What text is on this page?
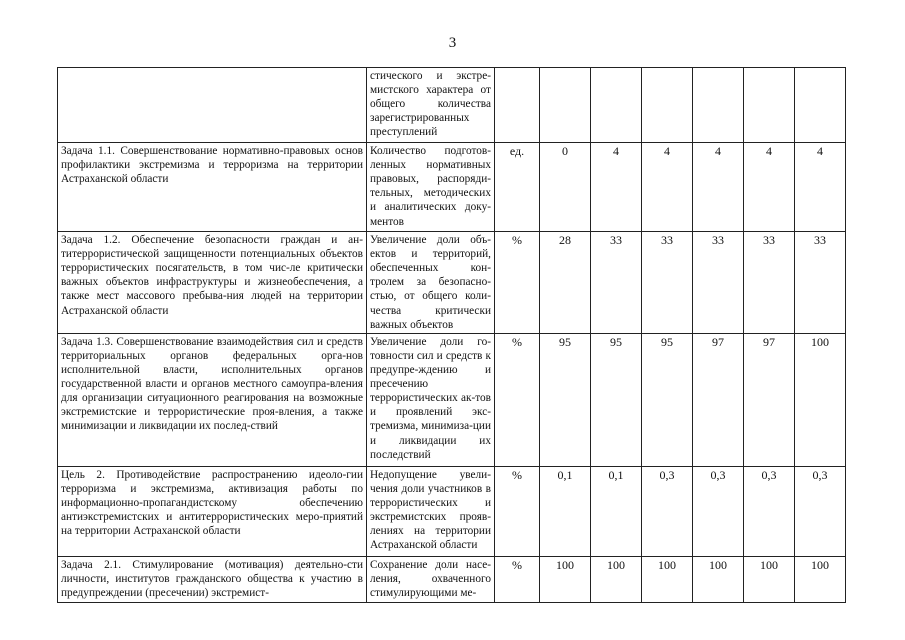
3
	стического и экстре-мистского характера от общего количества зарегистрированных преступлений							
Задача 1.1. Совершенствование нормативно-правовых основ профилактики экстремизма и терроризма на территории Астраханской области	Количество подготов-ленных нормативных правовых, распоряди-тельных, методических и аналитических доку-ментов	ед.	0	4	4	4	4	4
Задача 1.2. Обеспечение безопасности граждан и ан-титеррористической защищенности потенциальных объектов террористических посягательств, в том чис-ле критически важных объектов инфраструктуры и жизнеобеспечения, а также мест массового пребыва-ния людей на территории Астраханской области	Увеличение доли объ-ектов и территорий, обеспеченных кон-тролем за безопасно-стью, от общего коли-чества критически важных объектов	%	28	33	33	33	33	33
Задача 1.3. Совершенствование взаимодействия сил и средств территориальных органов федеральных орга-нов исполнительной власти, исполнительных органов государственной власти и органов местного самоупра-вления для организации ситуационного реагирования на возможные экстремистские и террористические проя-вления, а также минимизации и ликвидации их послед-ствий	Увеличение доли го-товности сил и средств к предупре-ждению и пресечению террористических ак-тов и проявлений экс-тремизма, минимиза-ции и ликвидации их последствий	%	95	95	95	97	97	100
Цель 2. Противодействие распространению идеоло-гии терроризма и экстремизма, активизация работы по информационно-пропагандистскому обеспечению антиэкстремистских и антитеррористических меро-приятий на территории Астраханской области	Недопущение увели-чения доли участников в террористических и экстремистских прояв-лениях на территории Астраханской области	%	0,1	0,1	0,3	0,3	0,3	0,3
Задача 2.1. Стимулирование (мотивация) деятельно-сти личности, институтов гражданского общества к участию в предупреждении (пресечении) экстремист-	Сохранение доли насе-ления, охваченного стимулирующими ме-	%	100	100	100	100	100	100
